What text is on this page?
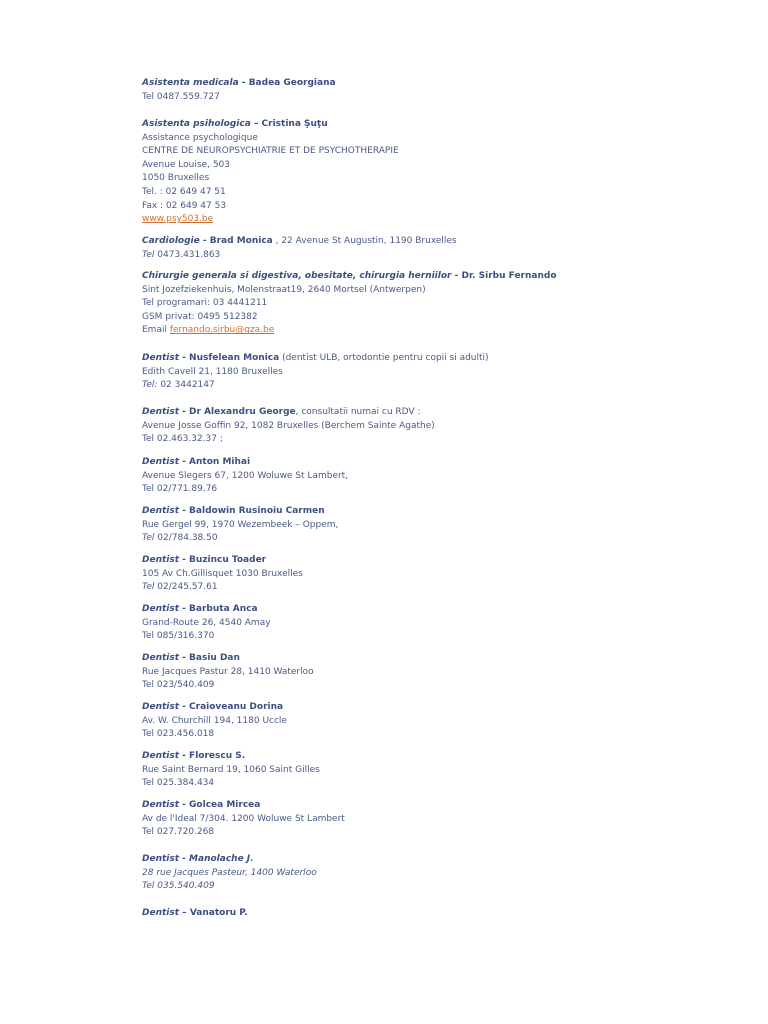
Asistenta medicala - Badea Georgiana
Tel 0487.559.727
Asistenta psihologica – Cristina Şuţu
Assistance psychologique
CENTRE DE NEUROPSYCHIATRIE ET DE PSYCHOTHERAPIE
Avenue Louise, 503
1050 Bruxelles
Tel. : 02 649 47 51
Fax : 02 649 47 53
www.psy503.be
Cardiologie - Brad Monica , 22 Avenue St Augustin, 1190 Bruxelles
Tel 0473.431.863
Chirurgie generala si digestiva, obesitate, chirurgia herniilor - Dr. Sirbu Fernando
Sint Jozefziekenhuis, Molenstraat19, 2640 Mortsel (Antwerpen)
Tel programari: 03 4441211
GSM privat: 0495 512382
Email fernando.sirbu@gza.be
Dentist - Nusfelean Monica (dentist ULB, ortodontie pentru copii si adulti)
Edith Cavell 21, 1180 Bruxelles
Tel: 02 3442147
Dentist - Dr Alexandru George, consultatii numai cu RDV :
Avenue Josse Goffin 92, 1082 Bruxelles (Berchem Sainte Agathe)
Tel 02.463.32.37 ;
Dentist - Anton Mihai
Avenue Slegers 67, 1200 Woluwe St Lambert,
Tel 02/771.89.76
Dentist - Baldowin Rusinoiu Carmen
Rue Gergel 99, 1970 Wezembeek – Oppem,
Tel 02/784.38.50
Dentist - Buzincu Toader
105 Av Ch.Gillisquet 1030 Bruxelles
Tel 02/245.57.61
Dentist - Barbuta Anca
Grand-Route 26, 4540 Amay
Tel 085/316.370
Dentist - Basiu Dan
Rue Jacques Pastur 28, 1410 Waterloo
Tel 023/540.409
Dentist - Craioveanu Dorina
Av. W. Churchill 194, 1180 Uccle
Tel 023.456.018
Dentist - Florescu S.
Rue Saint Bernard 19, 1060 Saint Gilles
Tel 025.384.434
Dentist - Golcea Mircea
Av de l'Ideal 7/304. 1200 Woluwe St Lambert
Tel 027.720.268
Dentist - Manolache J.
28 rue Jacques Pasteur, 1400 Waterloo
Tel 035.540.409
Dentist – Vanatoru P.
